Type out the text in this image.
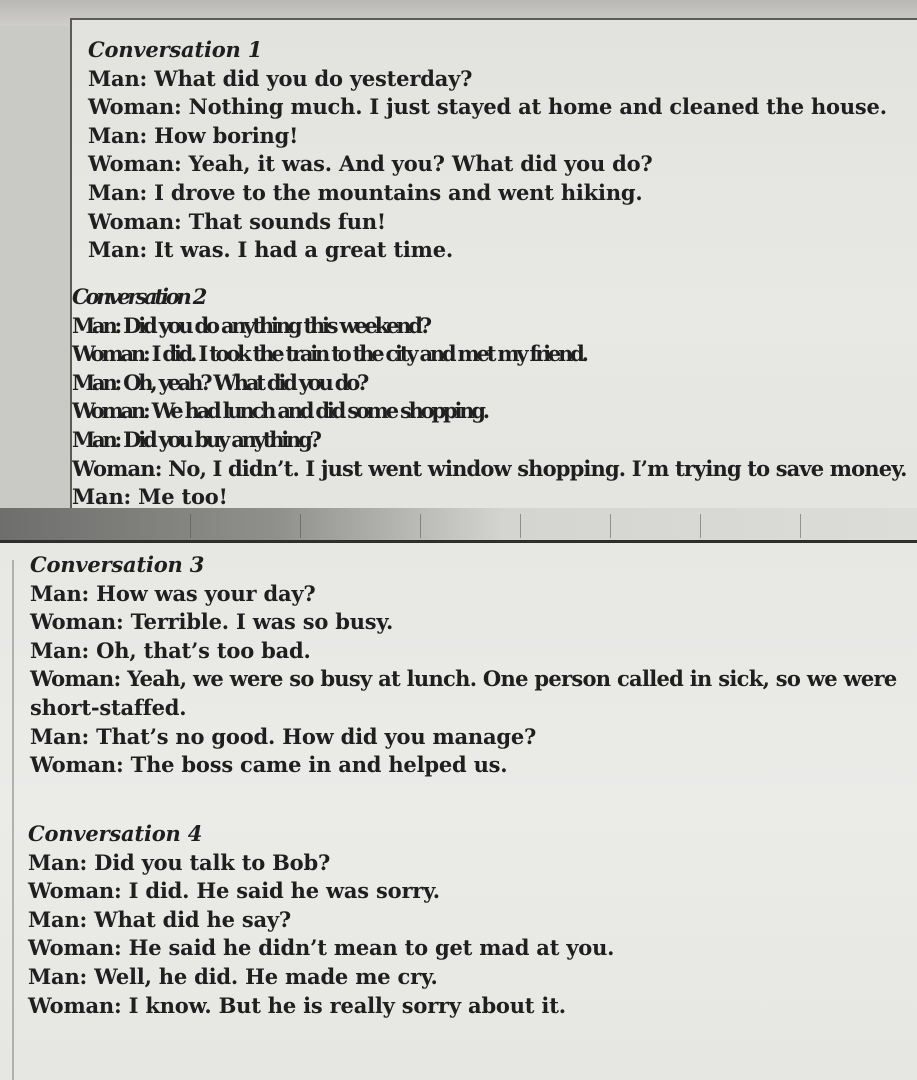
Conversation 1
Man: What did you do yesterday?
Woman: Nothing much. I just stayed at home and cleaned the house.
Man: How boring!
Woman: Yeah, it was. And you? What did you do?
Man: I drove to the mountains and went hiking.
Woman: That sounds fun!
Man: It was. I had a great time.
Conversation 2
Man: Did you do anything this weekend?
Woman: I did. I took the train to the city and met my friend.
Man: Oh, yeah? What did you do?
Woman: We had lunch and did some shopping.
Man: Did you buy anything?
Woman: No, I didn’t. I just went window shopping. I’m trying to save money.
Man: Me too!
Conversation 3
Man: How was your day?
Woman: Terrible. I was so busy.
Man: Oh, that’s too bad.
Woman: Yeah, we were so busy at lunch. One person called in sick, so we were
short-staffed.
Man: That’s no good. How did you manage?
Woman: The boss came in and helped us.
Conversation 4
Man: Did you talk to Bob?
Woman: I did. He said he was sorry.
Man: What did he say?
Woman: He said he didn’t mean to get mad at you.
Man: Well, he did. He made me cry.
Woman: I know. But he is really sorry about it.
